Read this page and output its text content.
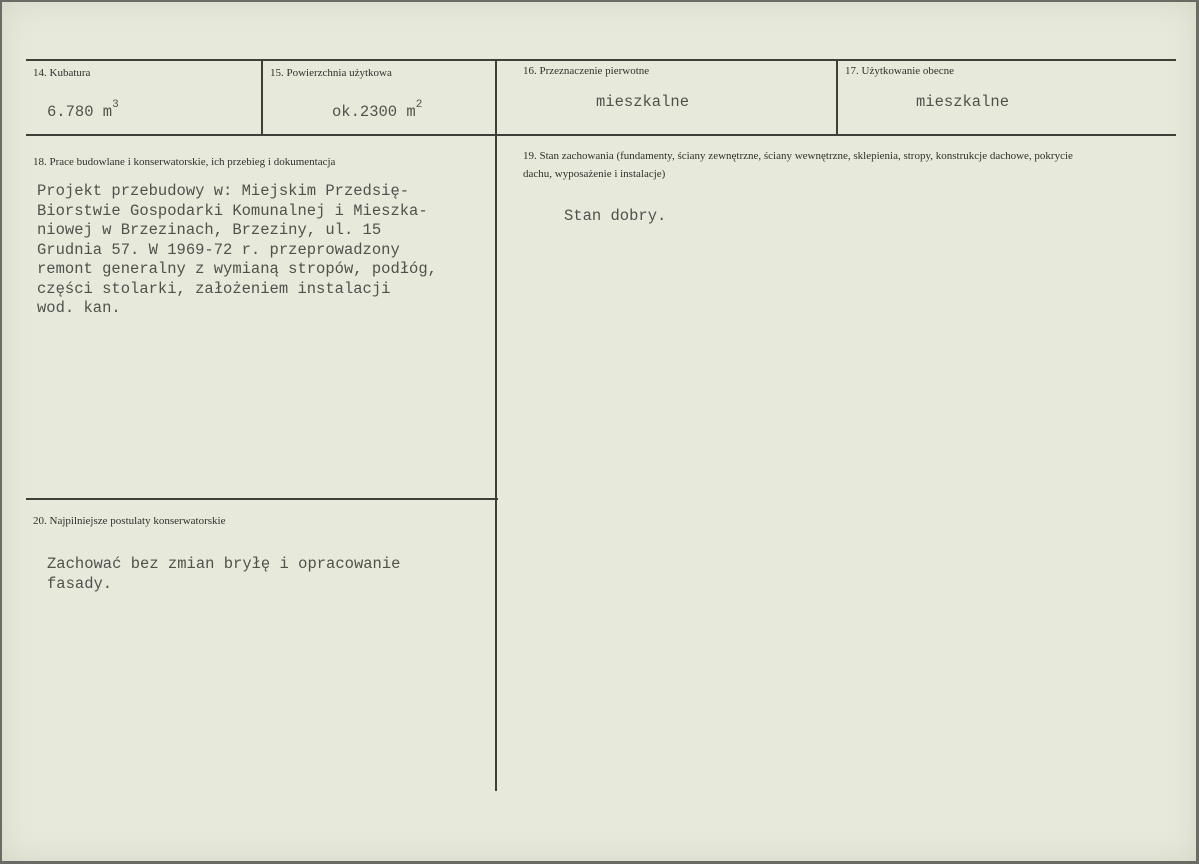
14. Kubatura
6.780 $m^3$
15. Powierzchnia użytkowa
ok.2300 $m^2$
16. Przeznaczenie pierwotne
mieszkalne
17. Użytkowanie obecne
mieszkalne
18. Prace budowlane i konserwatorskie, ich przebieg i dokumentacja
Projekt przebudowy w: Miejskim Przedsię-
Biorstwie Gospodarki Komunalnej i Mieszka-
niowej w Brzezinach, Brzeziny, ul. 15
Grudnia 57. W 1969-72 r. przeprowadzony
remont generalny z wymianą stropów, podłóg,
części stolarki, założeniem instalacji
wod. kan.
19. Stan zachowania (fundamenty, ściany zewnętrzne, ściany wewnętrzne, sklepienia, stropy, konstrukcje dachowe, pokrycie dachu, wyposażenie i instalacje)
Stan dobry.
20. Najpilniejsze postulaty konserwatorskie
Zachować bez zmian bryłę i opracowanie
fasady.
